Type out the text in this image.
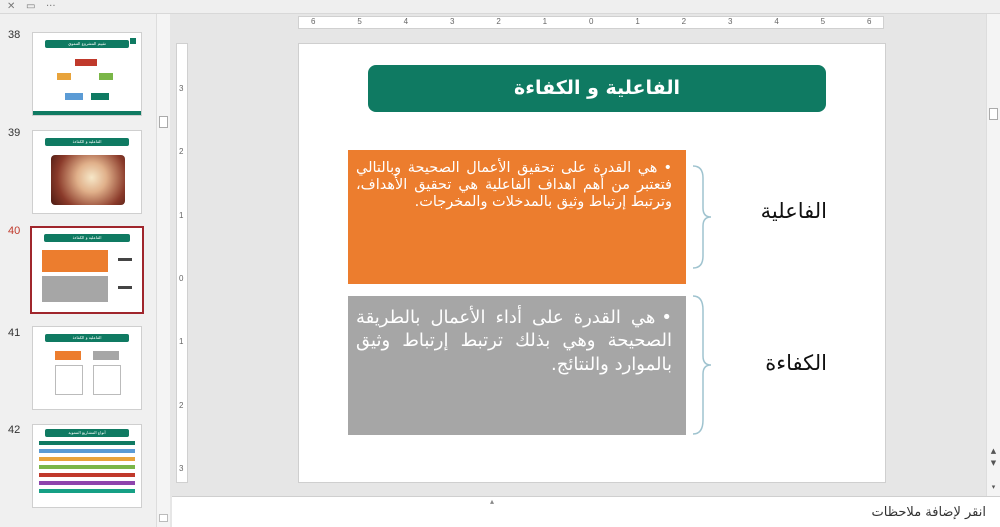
✕ ▭ ···
38
تقييم المشروع التنموي
39
الفاعلية و الكفاءة
40
الفاعلية و الكفاءة
41	الفاعلية و الكفاءة
42	أنواع المشاريع التنموية
6	5	4	3	2	1	0	1	2	3	4	5	6
3
2
1
0
1
2
3
الفاعلية و الكفاءة
•هي القدرة على تحقيق الأعمال الصحيحة وبالتالي فتعتبر من أهم اهداف الفاعلية هي تحقيق الأهداف، وترتبط إرتباط وثيق بالمدخلات والمخرجات.	الفاعلية
•هي القدرة على أداء الأعمال بالطريقة الصحيحة وهي بذلك ترتبط إرتباط وثيق بالموارد والنتائج.	الكفاءة
▲
▼
▾
▴
انقر لإضافة ملاحظات
